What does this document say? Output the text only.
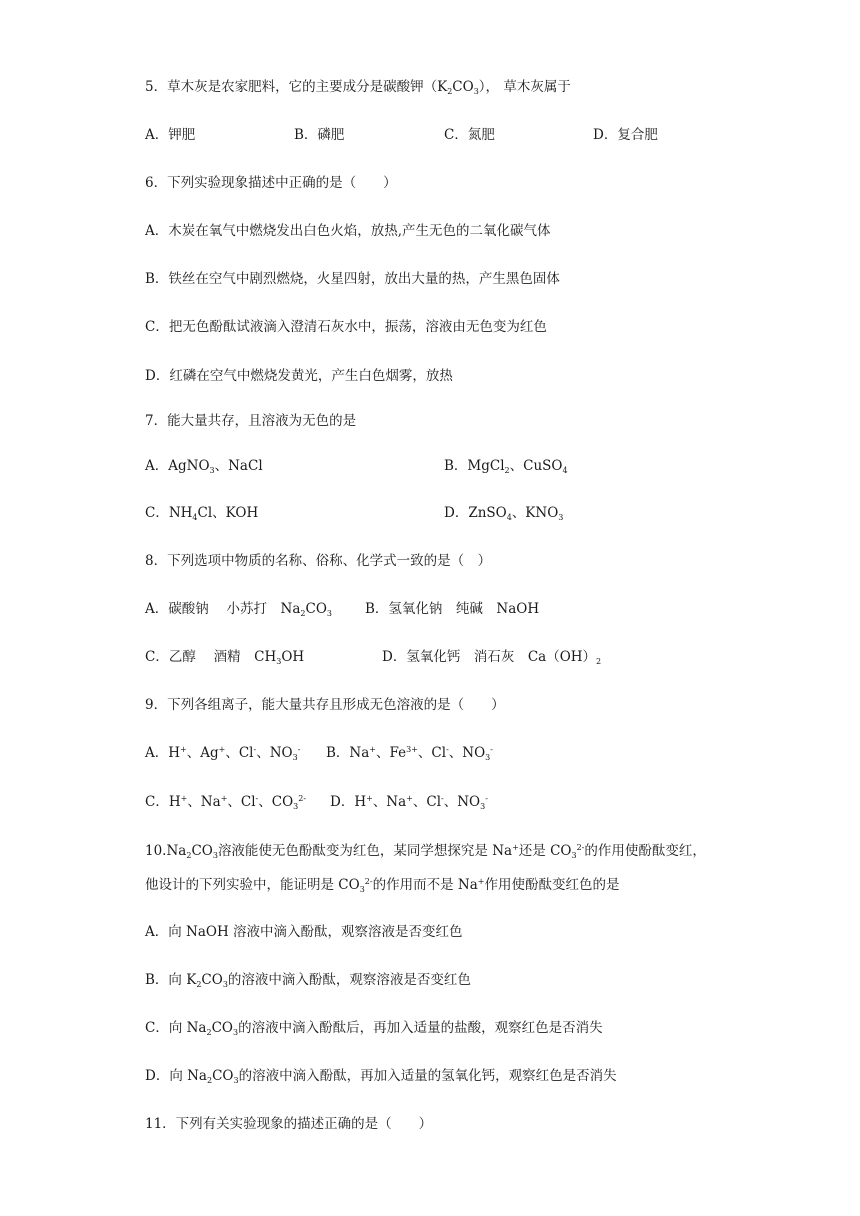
5．草木灰是农家肥料，它的主要成分是碳酸钾$(K_2CO_3)$， 草木灰属于
A．钾肥	B．磷肥	C．氮肥	D．复合肥
6．下列实验现象描述中正确的是（　　）
A．木炭在氧气中燃烧发出白色火焰，放热,产生无色的二氧化碳气体
B．铁丝在空气中剧烈燃烧，火星四射，放出大量的热，产生黑色固体
C．把无色酚酞试液滴入澄清石灰水中，振荡，溶液由无色变为红色
D．红磷在空气中燃烧发黄光，产生白色烟雾，放热
7．能大量共存，且溶液为无色的是
A．AgNO$_3$、NaCl	B．MgCl$_2$、CuSO$_4$
C．$NH_4Cl$、KOH	D．ZnSO$_4$、$KNO_3$
8．下列选项中物质的名称、俗称、化学式一致的是（　）
A．碳酸钠　 小苏打　$Na_2CO_3$ B．氢氧化钠　纯碱　NaOH
C．乙醇　 酒精　$CH_3OH$	D．氢氧化钙　消石灰　$Ca(OH)_2$
9．下列各组离子，能大量共存且形成无色溶液的是（　　）
A．H+、Ag+、Cl-、$NO_3^-$ B．Na+、$Fe^{3+}$、Cl-、$NO_3^-$
C．H+、Na+、Cl-、$CO_3^{2-}$ D．H+、Na+、Cl-、$NO_3^-$
$10.Na_2CO_3$溶液能使无色酚酞变为红色，某同学想探究是 Na+还是 $CO_3^{2-}$的作用使酚酞变红，
他设计的下列实验中，能证明是 $CO_3^{2-}$的作用而不是 Na+作用使酚酞变红色的是
A．向 NaOH 溶液中滴入酚酞，观察溶液是否变红色
B．向 $K_2CO_3$的溶液中滴入酚酞，观察溶液是否变红色
C．向 $Na_2CO_3$的溶液中滴入酚酞后，再加入适量的盐酸，观察红色是否消失
D．向 $Na_2CO_3$的溶液中滴入酚酞，再加入适量的氢氧化钙，观察红色是否消失
11．下列有关实验现象的描述正确的是（　　）
